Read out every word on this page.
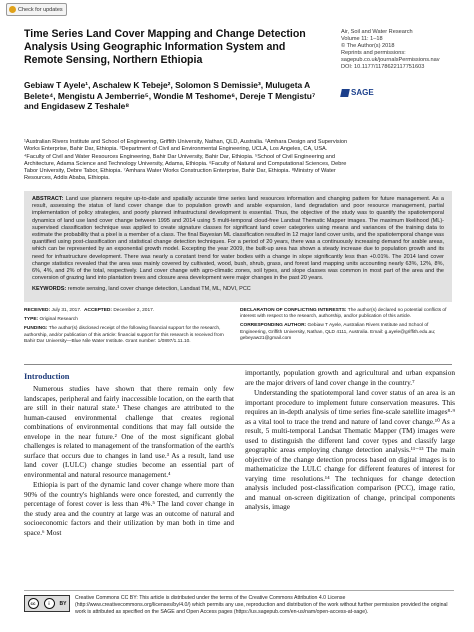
Check for updates
Time Series Land Cover Mapping and Change Detection Analysis Using Geographic Information System and Remote Sensing, Northern Ethiopia
Air, Soil and Water Research
Volume 11: 1–18
© The Author(s) 2018
Reprints and permissions:
sagepub.co.uk/journalsPermissions.nav
DOI: 10.1177/1178622117751603
SAGE
Gebiaw T Ayele¹, Aschalew K Tebeje², Solomon S Demissie³, Mulugeta A Belete⁴, Mengistu A Jemberrie⁵, Wondie M Teshome⁶, Dereje T Mengistu⁷ and Engidasew Z Teshale⁸
¹Australian Rivers Institute and School of Engineering, Griffith University, Nathan, QLD, Australia. ²Amhara Design and Supervision Works Enterprise, Bahir Dar, Ethiopia. ³Department of Civil and Environmental Engineering, UCLA, Los Angeles, CA, USA. ⁴Faculty of Civil and Water Resources Engineering, Bahir Dar University, Bahir Dar, Ethiopia. ⁵School of Civil Engineering and Architecture, Adama Science and Technology University, Adama, Ethiopia. ⁶Faculty of Natural and Computational Sciences, Debre Tabor University, Debre Tabor, Ethiopia. ⁷Amhara Water Works Construction Enterprise, Bahir Dar, Ethiopia. ⁸Ministry of Water Resources, Addis Ababa, Ethiopia.
ABSTRACT: Land use planners require up-to-date and spatially accurate time series land resources information and changing pattern for future management. As a result, assessing the status of land cover change due to population growth and arable expansion, land degradation and poor resource management, partial implementation of policy strategies, and poorly planned infrastructural development is essential. Thus, the objective of the study was to quantify the spatiotemporal dynamics of land use land cover change between 1995 and 2014 using 5 multi-temporal cloud-free Landsat Thematic Mapper images. The maximum likelihood (ML)-supervised classification technique was applied to create signature classes for significant land cover categories using means and variances of the training data to estimate the probability that a pixel is a member of a class. The final Bayesian ML classification resulted in 12 major land cover units, and the spatiotemporal change was quantified using post-classification and statistical change detection techniques. For a period of 20 years, there was a continuously increasing demand for arable areas, which can be represented by an exponential growth model. Excepting the year 2009, the built-up area has shown a steady increase due to population growth and its need for infrastructure development. There was nearly a constant trend for water bodies with a change in slope significantly less than +0.01%. The 2014 land cover change statistics revealed that the area was mainly covered by cultivated, wood, bush, shrub, grass, and forest land mapping units accounting nearly 63%, 12%, 8%, 6%, 4%, and 2% of the total, respectively. Land cover change with agro-climatic zones, soil types, and slope classes was common in most part of the area and the conversion of grazing land into plantation trees and closure area development were major changes in the past 20 years.
KEYWORDS: remote sensing, land cover change detection, Landsat TM, ML, NDVI, PCC
RECEIVED: July 31, 2017. ACCEPTED: December 2, 2017.
TYPE: Original Research
FUNDING: The author(s) disclosed receipt of the following financial support for the research, authorship, and/or publication of this article: financial support for this research is received from Bahir Dar University—Blue Nile Water Institute. Grant number: 1/0897/1.11.10.
DECLARATION OF CONFLICTING INTERESTS: The author(s) declared no potential conflicts of interest with respect to the research, authorship, and/or publication of this article.
CORRESPONDING AUTHOR: Gebiaw T Ayele, Australian Rivers Institute and School of Engineering, Griffith University, Nathan, QLD 4111, Australia. Email: g.ayele@griffith.edu.au; gebeyaw21@gmail.com
Introduction

Numerous studies have shown that there remain only few landscapes, peripheral and fairly inaccessible location, on the earth that are still in their natural state.¹ These changes are attributed to the human-caused environmental challenge that creates regional combinations of environmental conditions that may fall outside the envelope in the near future.² One of the most significant global challenges is related to management of the transformation of the earth's surface that occurs due to changes in land use.³ As a result, land use land cover (LULC) change studies become an essential part of environmental and natural resource management.⁴

Ethiopia is part of the dynamic land cover change where more than 90% of the country's highlands were once forested, and currently the percentage of forest cover is less than 4%.⁵ The land cover change in the study area and the country at large was an outcome of natural and socioeconomic factors and their utilization by man both in time and space.⁶ Most

importantly, population growth and agricultural and urban expansion are the major drivers of land cover change in the country.⁷

Understanding the spatiotemporal land cover status of an area is an important procedure to implement future conservation measures. This requires an in-depth analysis of time series fine-scale satellite images⁸·⁹ as a vital tool to trace the trend and nature of land cover change.¹⁰ As a result, 5 multi-temporal Landsat Thematic Mapper (TM) images were used to distinguish the different land cover types and classify large geographic areas employing change detection analysis.¹¹⁻¹³ The main objective of the change detection process based on digital images is to mathematicize the LULC change for different features of interest for varying time resolutions.¹⁴ The techniques for change detection analysis included post-classification comparison (PCC), image ratio, and manual on-screen digitization of change, principal components analysis, image

cc	i	BY
Creative Commons CC BY: This article is distributed under the terms of the Creative Commons Attribution 4.0 License (http://www.creativecommons.org/licenses/by/4.0/) which permits any use, reproduction and distribution of the work without further permission provided the original work is attributed as specified on the SAGE and Open Access pages (https://us.sagepub.com/en-us/nam/open-access-at-sage).
